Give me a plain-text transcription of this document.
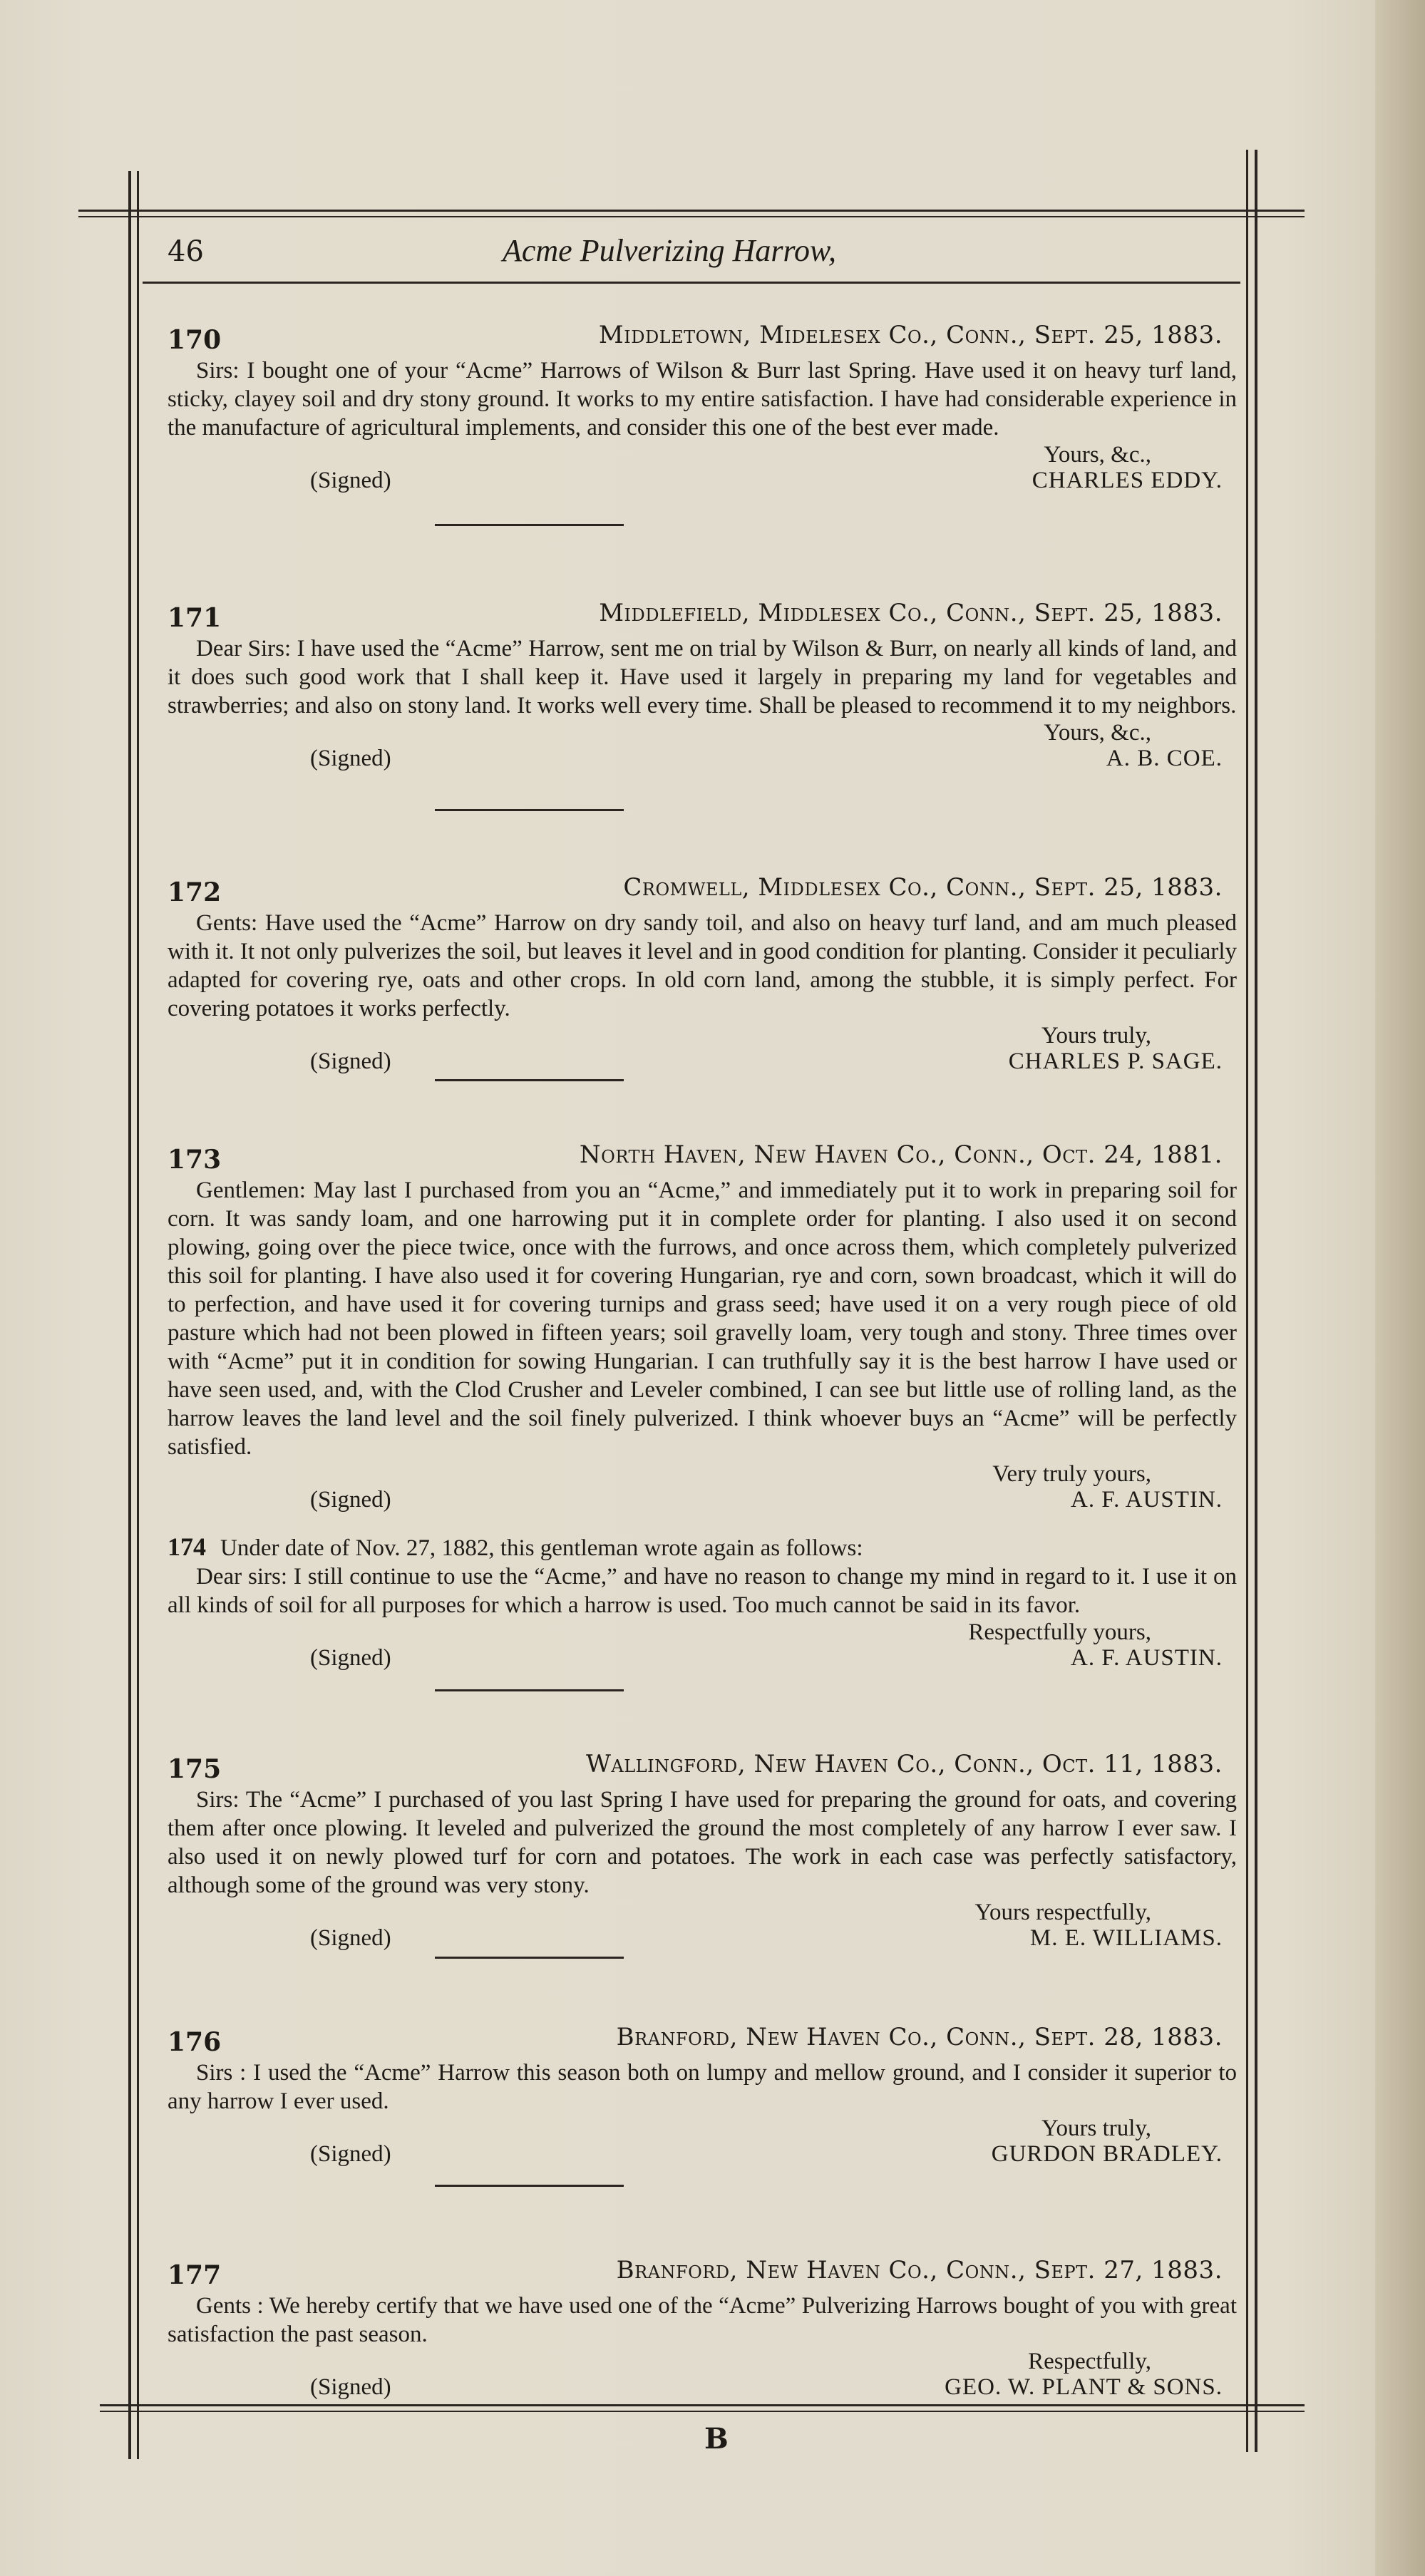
46	Acme Pulverizing Harrow,
170	Middletown, Midelesex Co., Conn., Sept. 25, 1883.

Sirs: I bought one of your “Acme” Harrows of Wilson & Burr last Spring. Have used it on heavy turf land, sticky, clayey soil and dry stony ground. It works to my entire satisfaction. I have had considerable experience in the manufacture of agricultural implements, and consider this one of the best ever made.

Yours, &c.,
(Signed)	CHARLES EDDY.
171	Middlefield, Middlesex Co., Conn., Sept. 25, 1883.

Dear Sirs: I have used the “Acme” Harrow, sent me on trial by Wilson & Burr, on nearly all kinds of land, and it does such good work that I shall keep it. Have used it largely in preparing my land for vegetables and strawberries; and also on stony land. It works well every time. Shall be pleased to recommend it to my neighbors.

Yours, &c.,
(Signed)	A. B. COE.
172	Cromwell, Middlesex Co., Conn., Sept. 25, 1883.

Gents: Have used the “Acme” Harrow on dry sandy toil, and also on heavy turf land, and am much pleased with it. It not only pulverizes the soil, but leaves it level and in good condition for planting. Consider it peculiarly adapted for covering rye, oats and other crops. In old corn land, among the stubble, it is simply perfect. For covering potatoes it works perfectly.

Yours truly,
(Signed)	CHARLES P. SAGE.
173	North Haven, New Haven Co., Conn., Oct. 24, 1881.

Gentlemen: May last I purchased from you an “Acme,” and immediately put it to work in preparing soil for corn. It was sandy loam, and one harrowing put it in complete order for planting. I also used it on second plowing, going over the piece twice, once with the furrows, and once across them, which completely pulverized this soil for planting. I have also used it for covering Hungarian, rye and corn, sown broadcast, which it will do to perfection, and have used it for covering turnips and grass seed; have used it on a very rough piece of old pasture which had not been plowed in fifteen years; soil gravelly loam, very tough and stony. Three times over with “Acme” put it in condition for sowing Hungarian. I can truthfully say it is the best harrow I have used or have seen used, and, with the Clod Crusher and Leveler combined, I can see but little use of rolling land, as the harrow leaves the land level and the soil finely pulverized. I think whoever buys an “Acme” will be perfectly satisfied.

Very truly yours,
(Signed)	A. F. AUSTIN.

174 Under date of Nov. 27, 1882, this gentleman wrote again as follows:

Dear sirs: I still continue to use the “Acme,” and have no reason to change my mind in regard to it. I use it on all kinds of soil for all purposes for which a harrow is used. Too much cannot be said in its favor.

Respectfully yours,
(Signed)	A. F. AUSTIN.
175	Wallingford, New Haven Co., Conn., Oct. 11, 1883.

Sirs: The “Acme” I purchased of you last Spring I have used for preparing the ground for oats, and covering them after once plowing. It leveled and pulverized the ground the most completely of any harrow I ever saw. I also used it on newly plowed turf for corn and potatoes. The work in each case was perfectly satisfactory, although some of the ground was very stony.

Yours respectfully,
(Signed)	M. E. WILLIAMS.
176	Branford, New Haven Co., Conn., Sept. 28, 1883.

Sirs : I used the “Acme” Harrow this season both on lumpy and mellow ground, and I consider it superior to any harrow I ever used.

Yours truly,
(Signed)	GURDON BRADLEY.
177	Branford, New Haven Co., Conn., Sept. 27, 1883.

Gents : We hereby certify that we have used one of the “Acme” Pulverizing Harrows bought of you with great satisfaction the past season.

Respectfully,
(Signed)	GEO. W. PLANT & SONS.
B
